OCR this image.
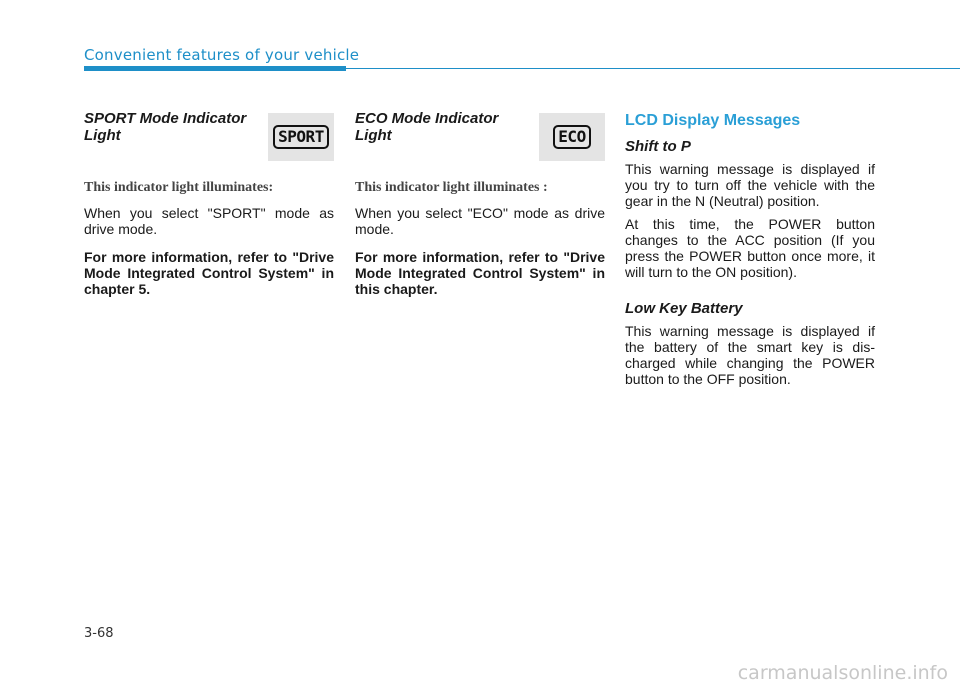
Convenient features of your vehicle
SPORT Mode Indicator Light	SPORT
This indicator light illuminates:

When you select "SPORT" mode as drive mode.

For more information, refer to "Drive Mode Integrated Control System" in chapter 5.

ECO Mode Indicator Light	ECO
This indicator light illuminates :

When you select "ECO" mode as drive mode.

For more information, refer to "Drive Mode Integrated Control System" in this chapter.

LCD Display Messages
Shift to P

This warning message is displayed if you try to turn off the vehicle with the gear in the N (Neutral) position.

At this time, the POWER button changes to the ACC position (If you press the POWER button once more, it will turn to the ON position).

Low Key Battery

This warning message is displayed if the battery of the smart key is dis-charged while changing the POWER button to the OFF position.

3-68
carmanualsonline.info
